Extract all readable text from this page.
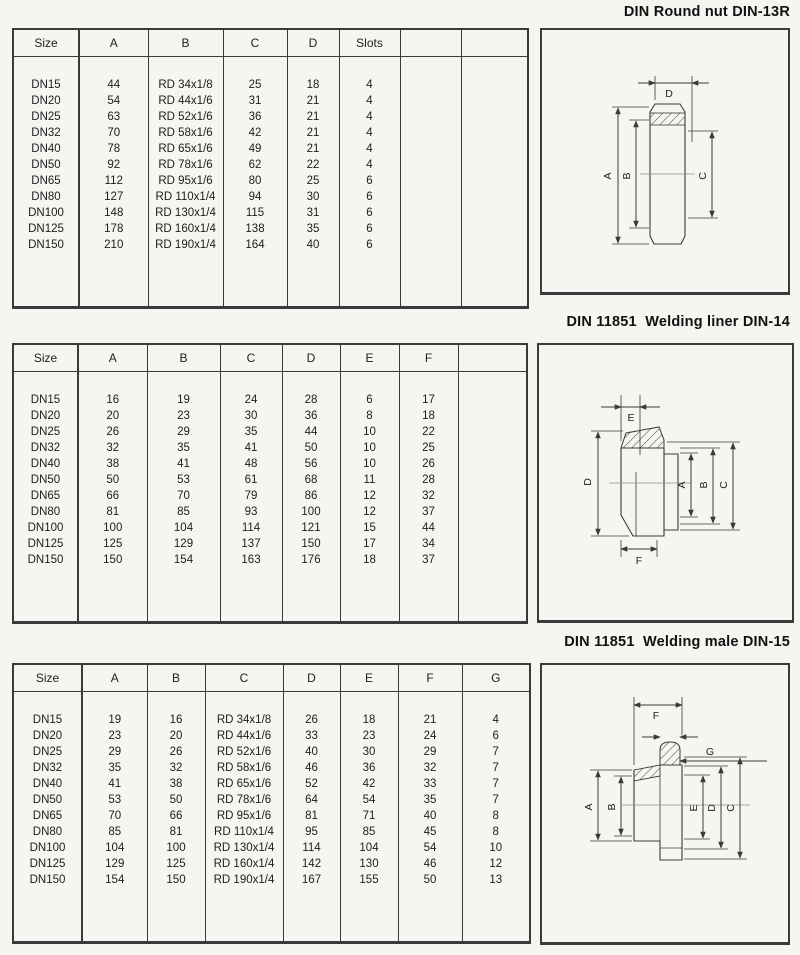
DIN Round nut DIN-13R
Size	A	B	C	D	Slots		

DN15	44	RD 34x1/8	25	18	4		
DN20	54	RD 44x1/6	31	21	4		
DN25	63	RD 52x1/6	36	21	4		
DN32	70	RD 58x1/6	42	21	4		
DN40	78	RD 65x1/6	49	21	4		
DN50	92	RD 78x1/6	62	22	4		
DN65	112	RD 95x1/6	80	25	6		
DN80	127	RD 110x1/4	94	30	6		
DN100	148	RD 130x1/4	115	31	6		
DN125	178	RD 160x1/4	138	35	6		
DN150	210	RD 190x1/4	164	40	6		

D
A B	C
DIN 11851  Welding liner DIN-14
Size	A	B	C	D	E	F	

DN15	16	19	24	28	6	17	
DN20	20	23	30	36	8	18	
DN25	26	29	35	44	10	22	
DN32	32	35	41	50	10	25	
DN40	38	41	48	56	10	26	
DN50	50	53	61	68	11	28	
DN65	66	70	79	86	12	32	
DN80	81	85	93	100	12	37	
DN100	100	104	114	121	15	44	
DN125	125	129	137	150	17	34	
DN150	150	154	163	176	18	37	

E
D	A B C
F
DIN 11851  Welding male DIN-15
Size	A	B	C	D	E	F	G

DN15	19	16	RD 34x1/8	26	18	21	4
DN20	23	20	RD 44x1/6	33	23	24	6
DN25	29	26	RD 52x1/6	40	30	29	7
DN32	35	32	RD 58x1/6	46	36	32	7
DN40	41	38	RD 65x1/6	52	42	33	7
DN50	53	50	RD 78x1/6	64	54	35	7
DN65	70	66	RD 95x1/6	81	71	40	8
DN80	85	81	RD 110x1/4	95	85	45	8
DN100	104	100	RD 130x1/4	114	104	54	10
DN125	129	125	RD 160x1/4	142	130	46	12
DN150	154	150	RD 190x1/4	167	155	50	13

F
G
A B	E D C
